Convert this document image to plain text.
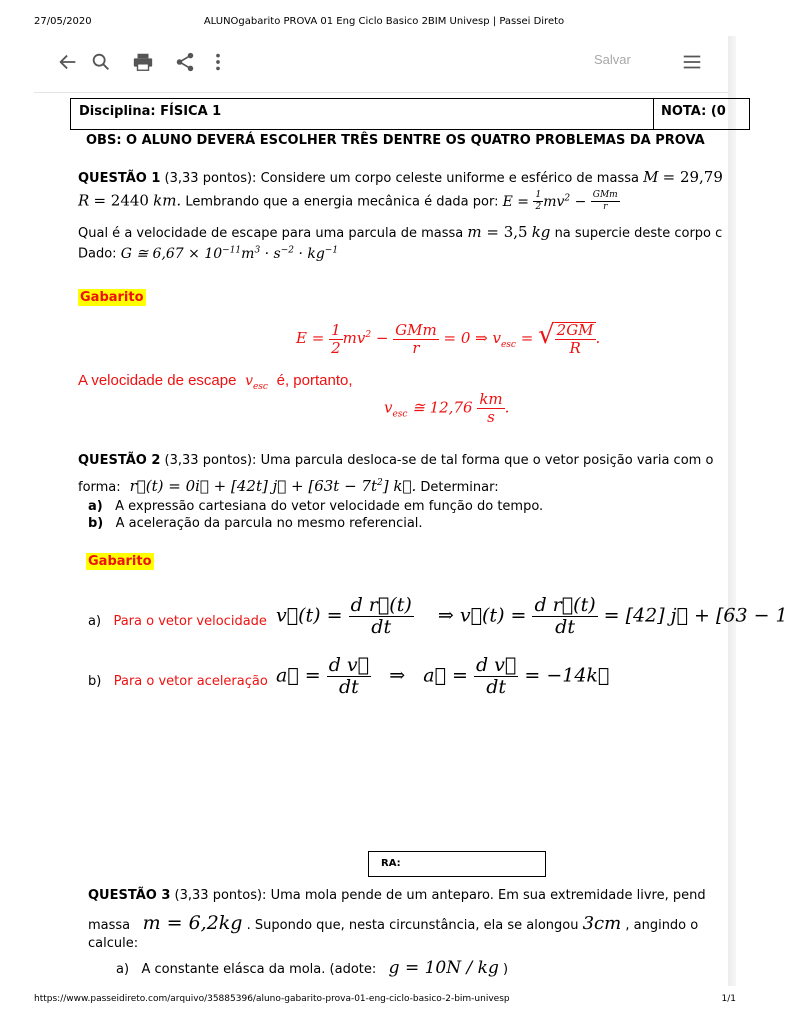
27/05/2020	ALUNOgabarito PROVA 01 Eng Ciclo Basico 2BIM Univesp | Passei Direto
Salvar
Disciplina: FÍSICA 1	NOTA: (0
OBS: O ALUNO DEVERÁ ESCOLHER TRÊS DENTRE OS QUATRO PROBLEMAS DA PROVA
QUESTÃO 1 (3,33 pontos): Considere um corpo celeste uniforme e esférico de massa M = 29,79
R = 2440 km. Lembrando que a energia mecânica é dada por: $E = \frac{1}{2} mv^2 - \frac{\text{GMm}}{r}$
Qual é a velocidade de escape para uma parcula de massa m = 3,5 kg na supercie deste corpo c
Dado: G ≅ $6,67 \times 10^{-11}m^3 \cdot s^{-2} \cdot kg^{-1}$
Gabarito
$E = \frac{1}{2} mv^2 - \frac{\text{GMm}}{r} = 0$ ⇒ $v_{esc}$ = √ $\frac{2GM}{R}$ .
A velocidade de escape  $v_{esc}$ é, portanto,
$v_{esc}$ ≅ $12,76 \frac{km}{s}$ .
QUESTÃO 2 (3,33 pontos): Uma parcula desloca-se de tal forma que o vetor posição varia com o
forma:  r⃗(t) = 0i⃗ + [42t] j⃗ + $[63t - 7t^2]$ k⃗. Determinar:
a) A expressão cartesiana do vetor velocidade em função do tempo.
b) A aceleração da parcula no mesmo referencial.
Gabarito
a) Para o vetor velocidade v⃗(t) = $\frac{\text{d r⃗(t)}}{dt}$ ⇒ v⃗(t) = $\frac{\text{d r⃗(t)}}{dt} = [42]$ j⃗ + [63 − 1
b) Para o vetor aceleração a⃗ = $\frac{\text{d v⃗}}{dt}$ ⇒   a⃗ = $\frac{\text{d v⃗}}{dt}$ = −14k⃗
RA:
QUESTÃO 3 (3,33 pontos): Uma mola pende de um anteparo. Em sua extremidade livre, pend
massa m = 6,2kg . Supondo que, nesta circunstância, ela se alongou 3cm , angindo o
calcule:
a) A constante elásca da mola. (adote: g = 10N / kg )
https://www.passeidireto.com/arquivo/35885396/aluno-gabarito-prova-01-eng-ciclo-basico-2-bim-univesp	1/1
